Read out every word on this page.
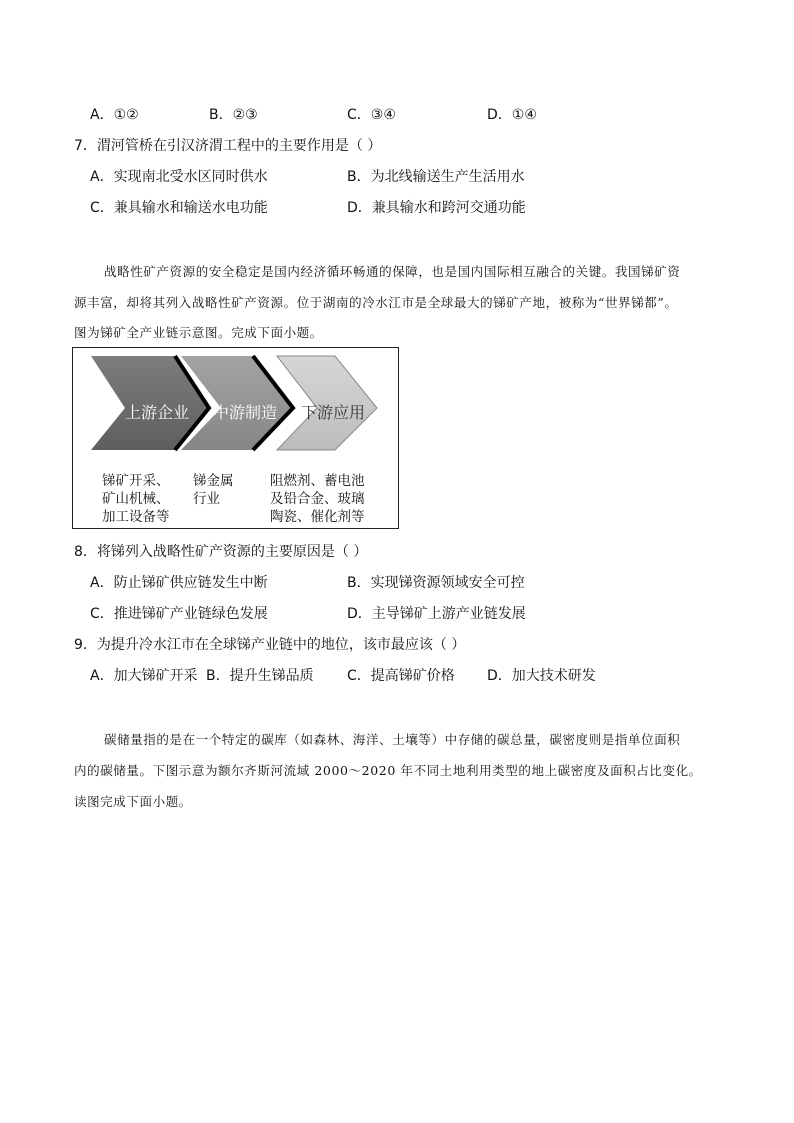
A．①②	B．②③	C．③④	D．①④
7．渭河管桥在引汉济渭工程中的主要作用是（ ）
A．实现南北受水区同时供水	B．为北线输送生产生活用水
C．兼具输水和输送水电功能	D．兼具输水和跨河交通功能
战略性矿产资源的安全稳定是国内经济循环畅通的保障，也是国内国际相互融合的关键。我国锑矿资
源丰富，却将其列入战略性矿产资源。位于湖南的冷水江市是全球最大的锑矿产地，被称为“世界锑都”。
图为锑矿全产业链示意图。完成下面小题。
上游企业 中游制造 下游应用
锑矿开采、
矿山机械、
加工设备等
锑金属
行业
阻燃剂、蓄电池
及铅合金、玻璃
陶瓷、催化剂等
8．将锑列入战略性矿产资源的主要原因是（ ）
A．防止锑矿供应链发生中断	B．实现锑资源领域安全可控
C．推进锑矿产业链绿色发展	D．主导锑矿上游产业链发展
9．为提升冷水江市在全球锑产业链中的地位，该市最应该（ ）
A．加大锑矿开采 B．提升生锑品质 C．提高锑矿价格 D．加大技术研发
碳储量指的是在一个特定的碳库（如森林、海洋、土壤等）中存储的碳总量，碳密度则是指单位面积
内的碳储量。下图示意为额尔齐斯河流域 2000～2020 年不同土地利用类型的地上碳密度及面积占比变化。
读图完成下面小题。
